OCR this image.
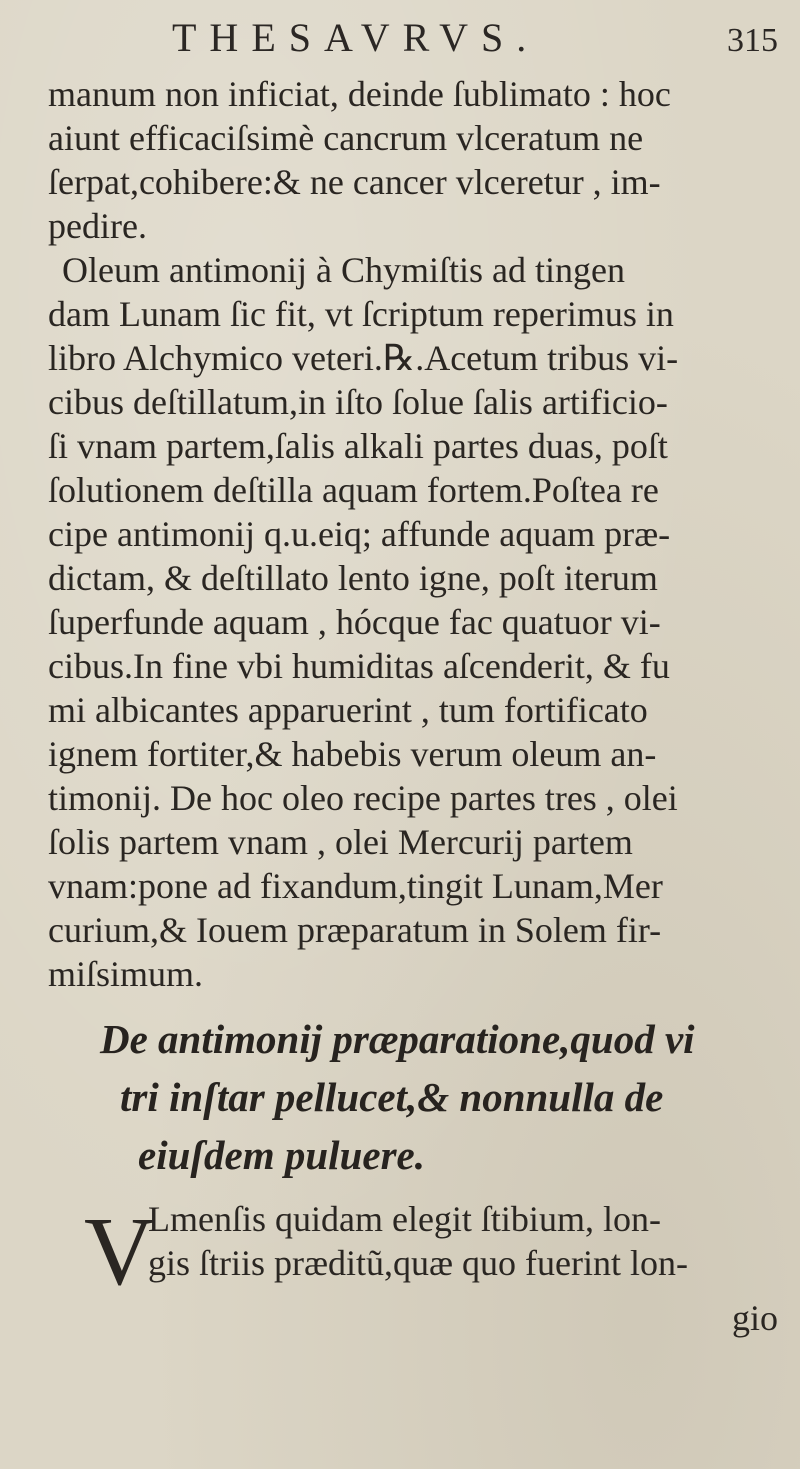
THESAVRVS.	315
manum non inficiat, deinde ſublimato : hoc
aiunt efficaciſsimè cancrum vlceratum ne
ſerpat,cohibere:& ne cancer vlceretur , im-
pedire.
Oleum antimonij à Chymiſtis ad tingen
dam Lunam ſic fit, vt ſcriptum reperimus in
libro Alchymico veteri.℞.Acetum tribus vi-
cibus deſtillatum,in iſto ſolue ſalis artificio-
ſi vnam partem,ſalis alkali partes duas, poſt
ſolutionem deſtilla aquam fortem.Poſtea re
cipe antimonij q.u.eiq; affunde aquam præ-
dictam, & deſtillato lento igne, poſt iterum
ſuperfunde aquam , hócque fac quatuor vi-
cibus.In fine vbi humiditas aſcenderit, & fu
mi albicantes apparuerint , tum fortificato
ignem fortiter,& habebis verum oleum an-
timonij. De hoc oleo recipe partes tres , olei
ſolis partem vnam , olei Mercurij partem
vnam:pone ad fixandum,tingit Lunam,Mer
curium,& Iouem præparatum in Solem fir-
miſsimum.
De antimonij præparatione,quod vi
tri inſtar pellucet,& nonnulla de
eiuſdem puluere.
V
Lmenſis quidam elegit ſtibium, lon-
gis ſtriis præditũ,quæ quo fuerint lon-
gio
